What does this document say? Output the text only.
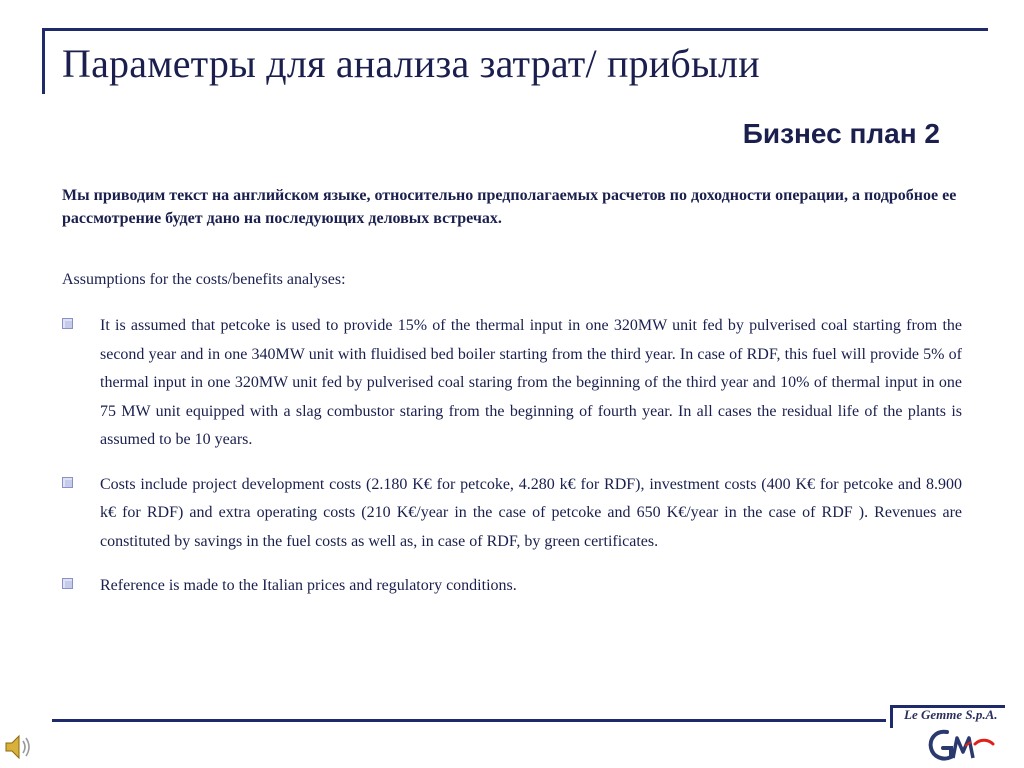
Параметры для анализа затрат/ прибыли
Бизнес план 2
Мы приводим текст на английском языке, относительно предполагаемых расчетов по доходности операции, а подробное ее рассмотрение будет дано на последующих деловых встречах.
Assumptions for the costs/benefits analyses:
It is assumed that petcoke is used to provide 15% of the thermal input in one 320MW unit fed by pulverised coal starting from the second year and in one 340MW unit with fluidised bed boiler starting from the third year. In case of RDF, this fuel will provide 5% of thermal input in one 320MW unit fed by pulverised coal staring from the beginning of the third year and 10% of thermal input in one 75 MW unit equipped with a slag combustor staring from the beginning of fourth year. In all cases the residual life of the plants is assumed to be 10 years.
Costs include project development costs (2.180 K€ for petcoke, 4.280 k€ for RDF), investment costs (400 K€ for petcoke and 8.900 k€ for RDF) and extra operating costs (210 K€/year in the case of petcoke and 650 K€/year in the case of RDF ). Revenues are constituted by savings in the fuel costs as well as, in case of RDF, by green certificates.
Reference is made to the Italian prices and regulatory conditions.
Le Gemme S.p.A.
